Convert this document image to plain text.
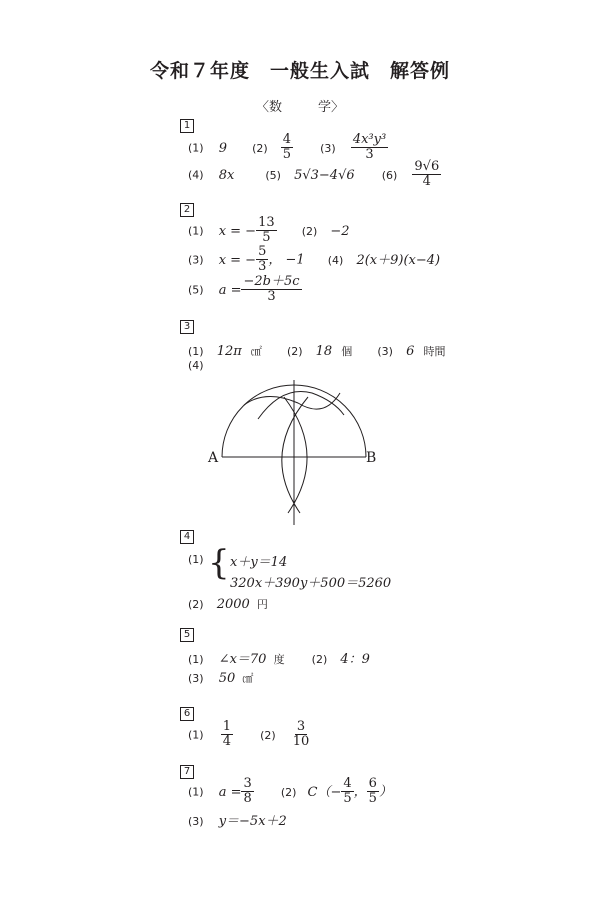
令和７年度　一般生入試　解答例
〈数	学〉
1
(1) 9 $(2) \frac{4}{5} (3) \frac{\text{4x³y³}}{3}$
(4) 8x	(5) 5√3−4√6 $(6) \frac{9√6}{4}$
2
(1) x = − $\frac{13}{5} (2) -2$
(3) x = − $\frac{5}{3}$ ， −1 (4) 2(x＋9)(x−4)
(5) $a = \frac{-2b+5c}{3}$
3
(1) 12π ㎠ (2) 18 個 (3) 6 時間
(4)
A	B
4
(1) { x＋y＝14
320x＋390y＋500＝5260
(2) 2000 円
5
(1) ∠x＝70 度 (2) 4：9
(3) 50 ㎠
6
$(1) \frac{1}{4} (2) \frac{3}{10}$
7
(1) $a = \frac{3}{8} (2)$ $C(- \frac{4}{5}$ ， $\frac{6}{5}$ ）
(3) y＝−5x＋2
